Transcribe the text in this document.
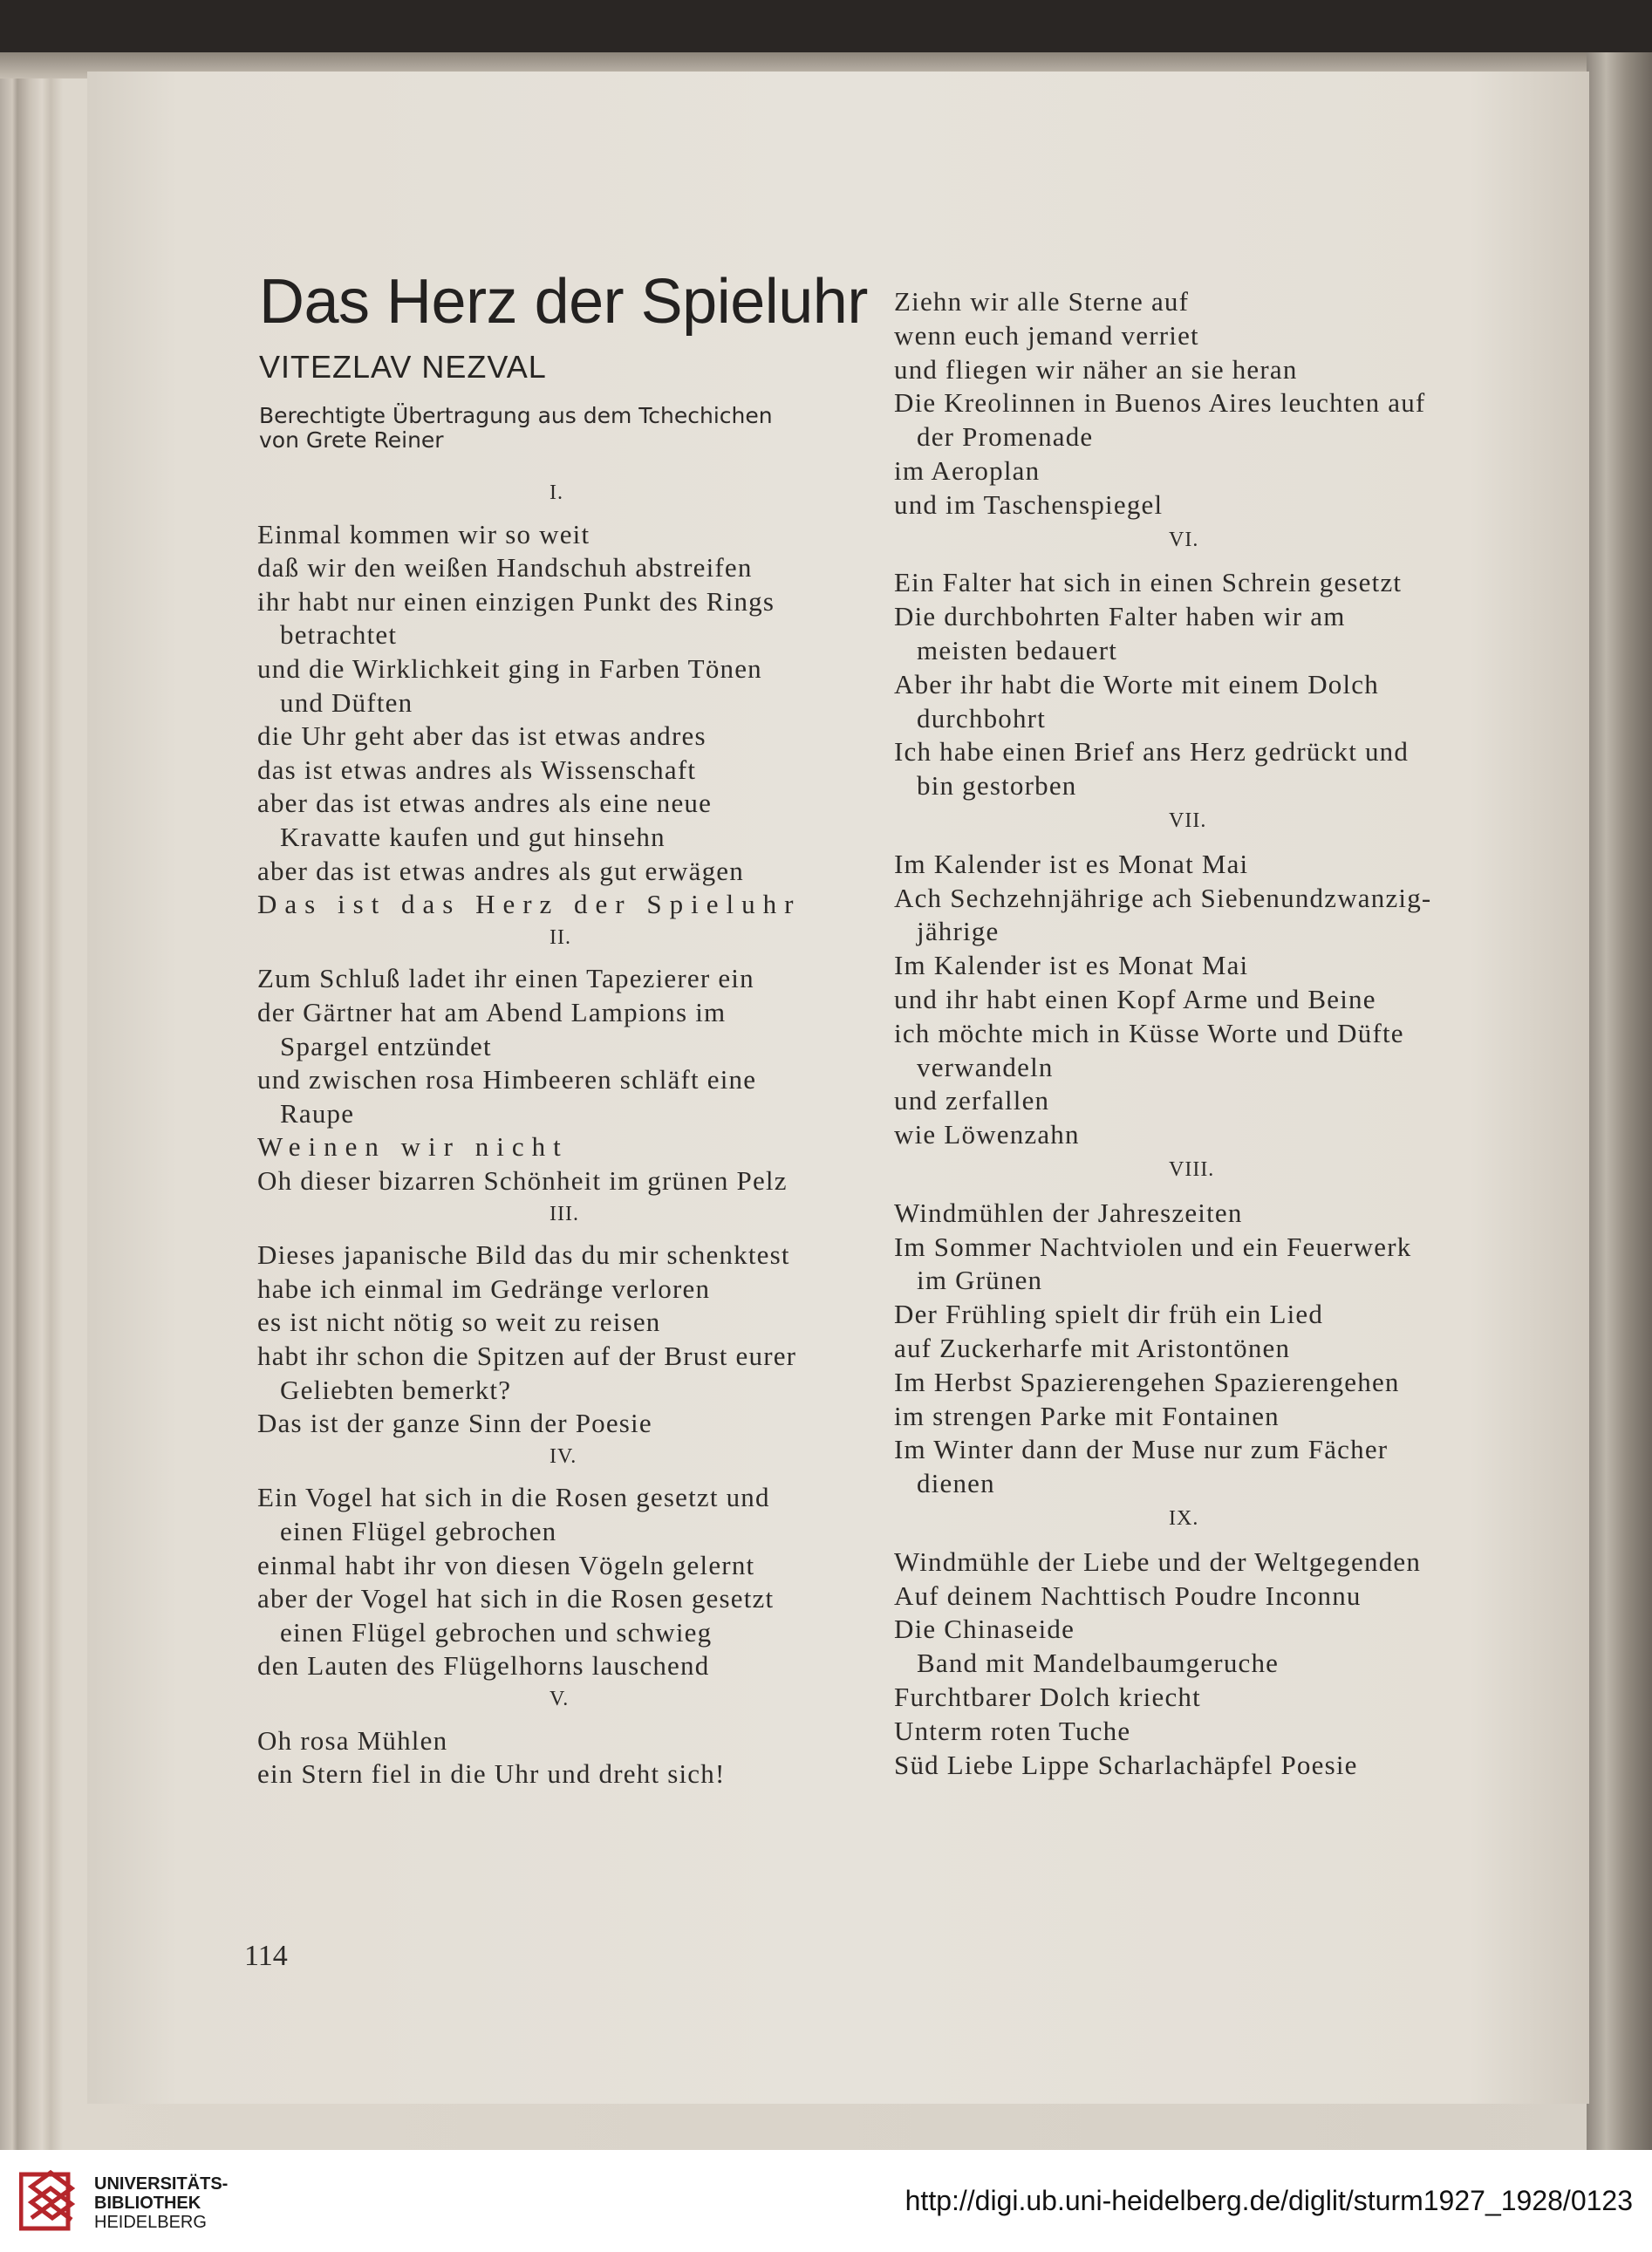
Das Herz der Spieluhr
VITEZLAV NEZVAL
Berechtigte Übertragung aus dem Tchechichen
von Grete Reiner
I.
Einmal kommen wir so weit
daß wir den weißen Handschuh abstreifen
ihr habt nur einen einzigen Punkt des Rings
betrachtet
und die Wirklichkeit ging in Farben Tönen
und Düften
die Uhr geht aber das ist etwas andres
das ist etwas andres als Wissenschaft
aber das ist etwas andres als eine neue
Kravatte kaufen und gut hinsehn
aber das ist etwas andres als gut erwägen
Das ist das Herz der Spieluhr
II.
Zum Schluß ladet ihr einen Tapezierer ein
der Gärtner hat am Abend Lampions im
Spargel entzündet
und zwischen rosa Himbeeren schläft eine
Raupe
Weinen wir nicht
Oh dieser bizarren Schönheit im grünen Pelz
III.
Dieses japanische Bild das du mir schenktest
habe ich einmal im Gedränge verloren
es ist nicht nötig so weit zu reisen
habt ihr schon die Spitzen auf der Brust eurer
Geliebten bemerkt?
Das ist der ganze Sinn der Poesie
IV.
Ein Vogel hat sich in die Rosen gesetzt und
einen Flügel gebrochen
einmal habt ihr von diesen Vögeln gelernt
aber der Vogel hat sich in die Rosen gesetzt
einen Flügel gebrochen und schwieg
den Lauten des Flügelhorns lauschend
V.
Oh rosa Mühlen
ein Stern fiel in die Uhr und dreht sich!
Ziehn wir alle Sterne auf
wenn euch jemand verriet
und fliegen wir näher an sie heran
Die Kreolinnen in Buenos Aires leuchten auf
der Promenade
im Aeroplan
und im Taschenspiegel
VI.
Ein Falter hat sich in einen Schrein gesetzt
Die durchbohrten Falter haben wir am
meisten bedauert
Aber ihr habt die Worte mit einem Dolch
durchbohrt
Ich habe einen Brief ans Herz gedrückt und
bin gestorben
VII.
Im Kalender ist es Monat Mai
Ach Sechzehnjährige ach Siebenundzwanzig-
jährige
Im Kalender ist es Monat Mai
und ihr habt einen Kopf Arme und Beine
ich möchte mich in Küsse Worte und Düfte
verwandeln
und zerfallen
wie Löwenzahn
VIII.
Windmühlen der Jahreszeiten
Im Sommer Nachtviolen und ein Feuerwerk
im Grünen
Der Frühling spielt dir früh ein Lied
auf Zuckerharfe mit Aristontönen
Im Herbst Spazierengehen Spazierengehen
im strengen Parke mit Fontainen
Im Winter dann der Muse nur zum Fächer
dienen
IX.
Windmühle der Liebe und der Weltgegenden
Auf deinem Nachttisch Poudre Inconnu
Die Chinaseide
Band mit Mandelbaumgeruche
Furchtbarer Dolch kriecht
Unterm roten Tuche
Süd Liebe Lippe Scharlachäpfel Poesie
114
UNIVERSITÄTS-
BIBLIOTHEK
HEIDELBERG
http://digi.ub.uni-heidelberg.de/diglit/sturm1927_1928/0123
